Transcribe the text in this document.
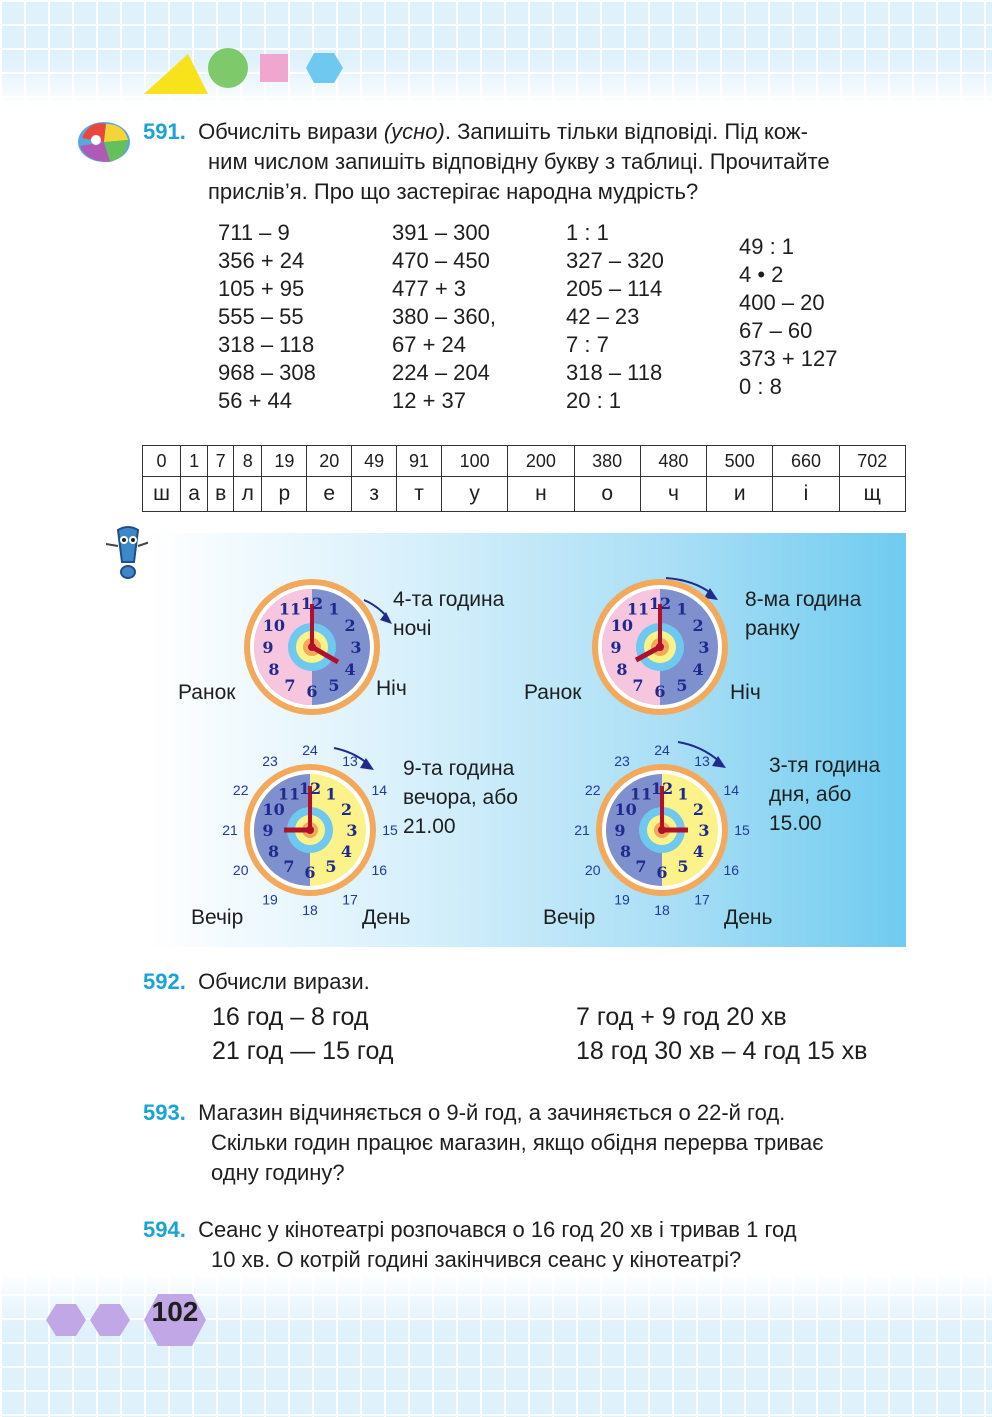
591. Обчисліть вирази (усно). Запишіть тільки відповіді. Під кож-
ним числом запишіть відповідну букву з таблиці. Прочитайте
прислів’я. Про що застерігає народна мудрість?
711 – 9
356 + 24
105 + 95
555 – 55
318 – 118
968 – 308
56 + 44
391 – 300
470 – 450
477 + 3
380 – 360,
67 + 24
224 – 204
12 + 37
1 : 1
327 – 320
205 – 114
42 – 23
7 : 7
318 – 118
20 : 1
49 : 1
4 • 2
400 – 20
67 – 60
373 + 127
0 : 8
0	1	7	8	19	20	49	91	100	200	380	480	500	660	702
ш	а	в	л	р	е	з	т	у	н	о	ч	и	і	щ
1
2
3
4
5
6
7
8
9
10
11 12	4-та година
ночі
Ранок	Ніч
1
2
3
4
5
6
7
8
9
10
11 12	8-ма година
ранку
Ранок	Ніч
1
2
3
4
5
6
7
8
9
10
11
12
13
14
15
16
17
18
19
20
21
22
23
24
9-та година
вечора, або
21.00
Вечір	День
1
2
3
4
5
6
7
8
9
10
11
12
13
14
15
16
17
18
19
20
21
22
23
24
3-тя година
дня, або
15.00
Вечір	День
592. Обчисли вирази.
16 год – 8 год
21 год — 15 год
7 год + 9 год 20 хв
18 год 30 хв – 4 год 15 хв
593. Магазин відчиняється о 9-й год, а зачиняється о 22-й год.
Скільки годин працює магазин, якщо обідня перерва триває
одну годину?
594. Сеанс у кінотеатрі розпочався о 16 год 20 хв і тривав 1 год
10 хв. О котрій годині закінчився сеанс у кінотеатрі?
102
